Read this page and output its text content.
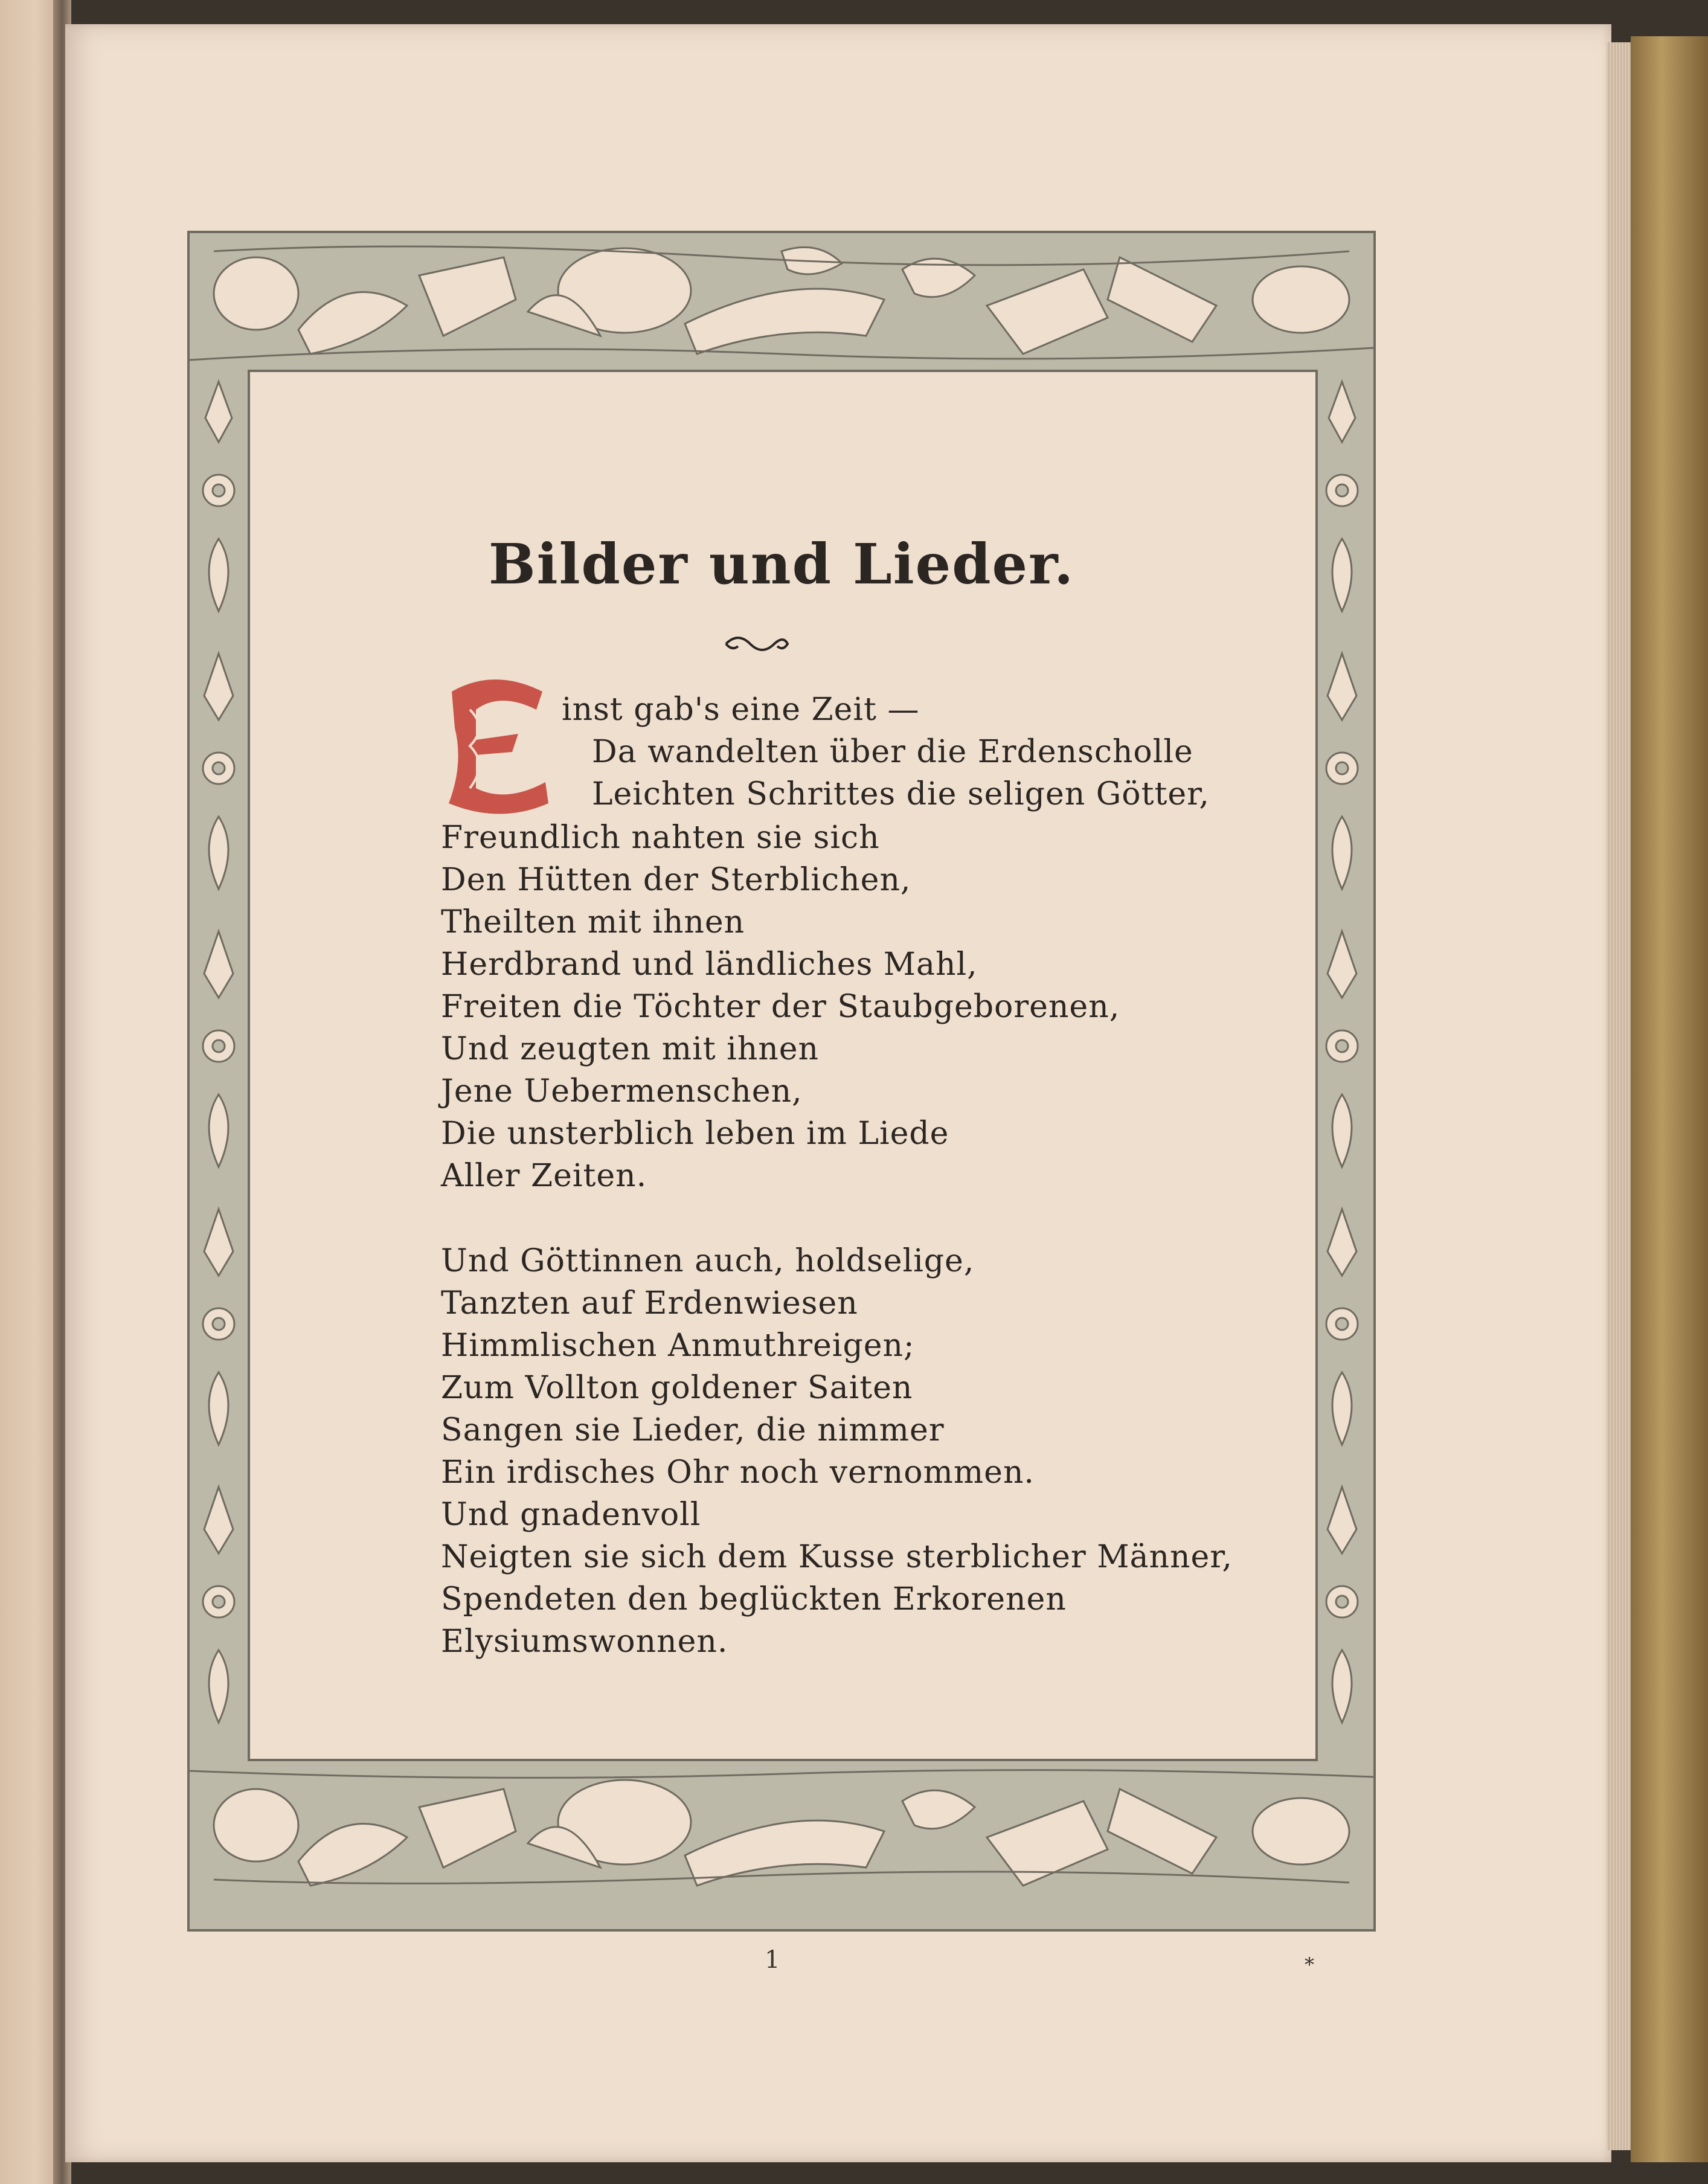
Bilder und Lieder.
inst gab's eine Zeit —
Da wandelten über die Erdenscholle
Leichten Schrittes die seligen Götter,
Freundlich nahten sie sich
Den Hütten der Sterblichen,
Theilten mit ihnen
Herdbrand und ländliches Mahl,
Freiten die Töchter der Staubgeborenen,
Und zeugten mit ihnen
Jene Uebermenschen,
Die unsterblich leben im Liede
Aller Zeiten.
Und Göttinnen auch, holdselige,
Tanzten auf Erdenwiesen
Himmlischen Anmuthreigen;
Zum Vollton goldener Saiten
Sangen sie Lieder, die nimmer
Ein irdisches Ohr noch vernommen.
Und gnadenvoll
Neigten sie sich dem Kusse sterblicher Männer,
Spendeten den beglückten Erkorenen
Elysiumswonnen.
1	*
